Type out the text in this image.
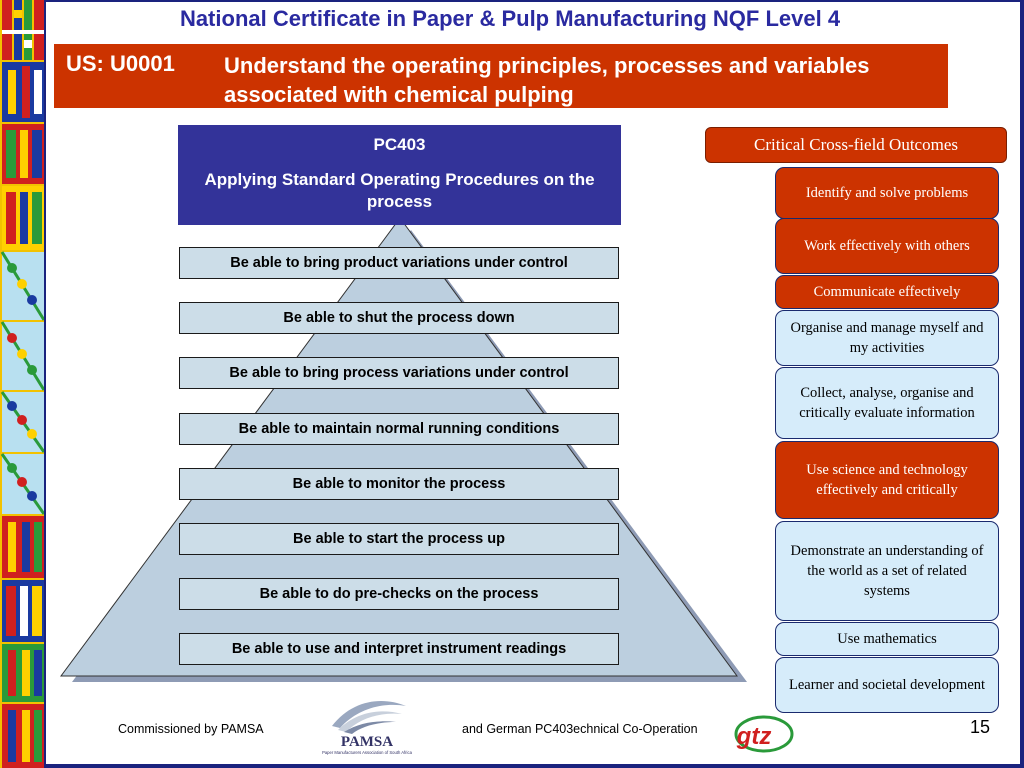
National Certificate in Paper & Pulp Manufacturing NQF Level 4
US: U0001 Understand the operating principles, processes and variables associated with chemical pulping
PC403
Applying Standard Operating Procedures on the process
Be able to bring product variations under control
Be able to shut the process down
Be able to bring process variations under control
Be able to maintain normal running conditions
Be able to monitor the process
Be able to start the process up
Be able to do pre-checks on the process
Be able to use and interpret instrument readings
Critical Cross-field Outcomes
Identify and solve problems
Work effectively with others
Communicate effectively
Organise and manage myself and my activities
Collect, analyse, organise and critically evaluate information
Use science and technology effectively and critically
Demonstrate an understanding of the world as a set of related systems
Use mathematics
Learner and societal development
Commissioned by PAMSA
PAMSA
Paper Manufacturers Association of South Africa
and German PC403echnical Co-Operation gtz	15
